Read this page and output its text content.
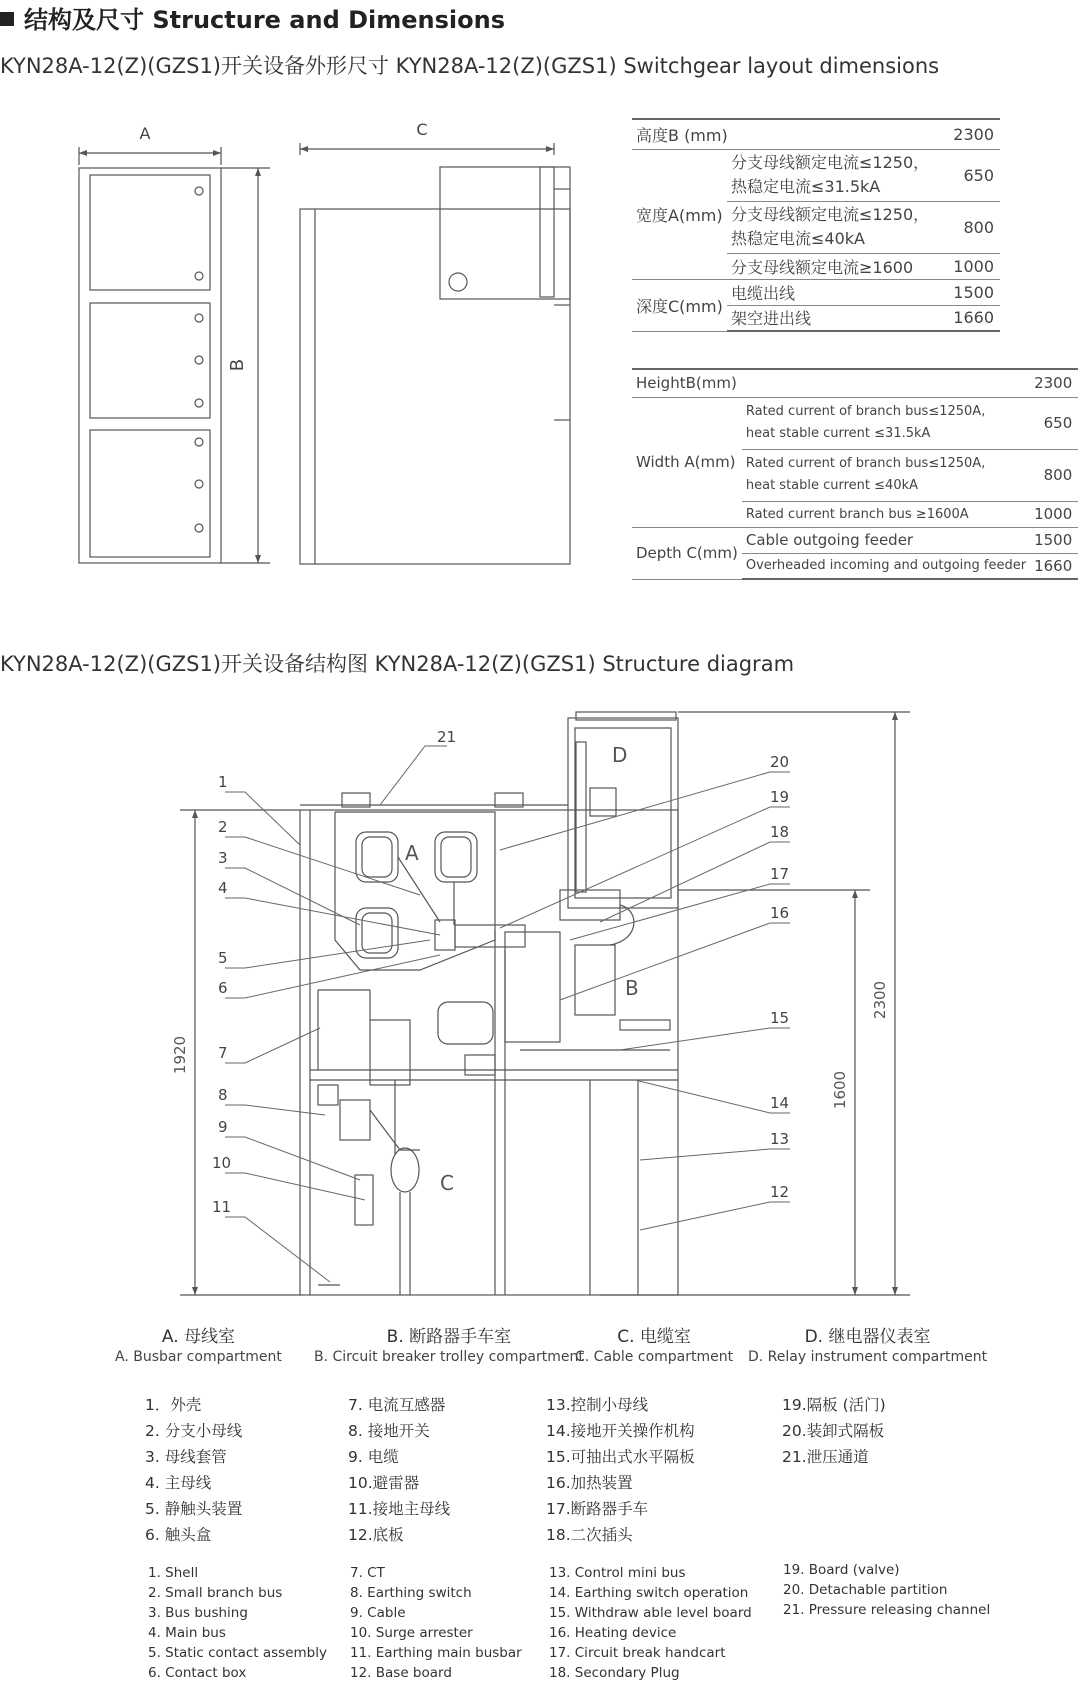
结构及尺寸 Structure and Dimensions
KYN28A-12(Z)(GZS1)开关设备外形尺寸 KYN28A-12(Z)(GZS1) Switchgear layout dimensions
A	C
B
高度B (mm)		2300
宽度A(mm)	分支母线额定电流≤1250，
热稳定电流≤31.5kA	650

	分支母线额定电流≤1250，
热稳定电流≤40kA	800
	分支母线额定电流≥1600	1000
深度C(mm)	电缆出线	1500
	架空进出线	1660
HeightB(mm)		2300
Width A(mm)	Rated current of branch bus≤1250A,
heat stable current ≤31.5kA	650

	Rated current of branch bus≤1250A,
heat stable current ≤40kA	800
	Rated current branch bus ≥1600A	1000
Depth C(mm)	Cable outgoing feeder	1500
	Overheaded incoming and outgoing feeder	1660
KYN28A-12(Z)(GZS1)开关设备结构图 KYN28A-12(Z)(GZS1) Structure diagram
1920
1600
2300
A
B
C
D
1
2
3
4
5
6
7
8
9
10
11
12
13
14
15
16
17
18
19
20
21
A. 母线室
A. Busbar compartment
B. 断路器手车室
B. Circuit breaker trolley compartment
C. 电缆室
C. Cable compartment
D. 继电器仪表室
D. Relay instrument compartment
1．外壳
2. 分支小母线
3. 母线套管
4. 主母线
5. 静触头装置
6. 触头盒
7. 电流互感器
8. 接地开关
9. 电缆
10.避雷器
11.接地主母线
12.底板
13.控制小母线
14.接地开关操作机构
15.可抽出式水平隔板
16.加热装置
17.断路器手车
18.二次插头
19.隔板 (活门)
20.装卸式隔板
21.泄压通道
1. Shell
2. Small branch bus
3. Bus bushing
4. Main bus
5. Static contact assembly
6. Contact box
7. CT
8. Earthing switch
9. Cable
10. Surge arrester
11. Earthing main busbar
12. Base board
13. Control mini bus
14. Earthing switch operation
15. Withdraw able level board
16. Heating device
17. Circuit break handcart
18. Secondary Plug
19. Board (valve)
20. Detachable partition
21. Pressure releasing channel
